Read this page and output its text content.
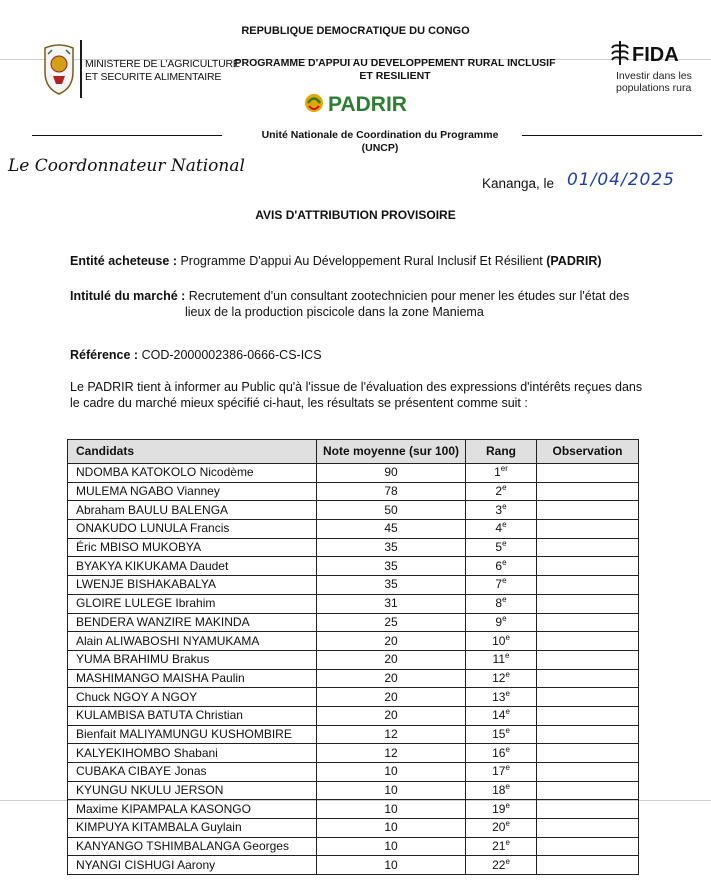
REPUBLIQUE DEMOCRATIQUE DU CONGO
MINISTERE DE L'AGRICULTURE
ET SECURITE ALIMENTAIRE
PROGRAMME D'APPUI AU DEVELOPPEMENT RURAL INCLUSIF
ET RESILIENT
PADRIR
FIDA
Investir dans les
populations rura
Unité Nationale de Coordination du Programme
(UNCP)
Le Coordonnateur National
Kananga, le 01/04/2025
AVIS D'ATTRIBUTION PROVISOIRE
Entité acheteuse : Programme D'appui Au Développement Rural Inclusif Et Résilient (PADRIR)
Intitulé du marché : Recrutement d'un consultant zootechnicien pour mener les études sur l'état des
lieux de la production piscicole dans la zone Maniema
Référence : COD-2000002386-0666-CS-ICS
Le PADRIR tient à informer au Public qu'à l'issue de l'évaluation des expressions d'intérêts reçues dans
le cadre du marché mieux spécifié ci-haut, les résultats se présentent comme suit :
Candidats	Note moyenne (sur 100)	Rang	Observation
NDOMBA KATOKOLO Nicodème	90	1er	
MULEMA NGABO Vianney	78	2e	
Abraham BAULU BALENGA	50	3e	
ONAKUDO LUNULA Francis	45	4e	
Éric MBISO MUKOBYA	35	5e	
BYAKYA KIKUKAMA Daudet	35	6e	
LWENJE BISHAKABALYA	35	7e	
GLOIRE LULEGE Ibrahim	31	8e	
BENDERA WANZIRE MAKINDA	25	9e	
Alain ALIWABOSHI NYAMUKAMA	20	10e	
YUMA BRAHIMU Brakus	20	11e	
MASHIMANGO MAISHA Paulin	20	12e	
Chuck NGOY A NGOY	20	13e	
KULAMBISA BATUTA Christian	20	14e	
Bienfait MALIYAMUNGU KUSHOMBIRE	12	15e	
KALYEKIHOMBO Shabani	12	16e	
CUBAKA CIBAYE Jonas	10	17e	
KYUNGU NKULU JERSON	10	18e	
Maxime KIPAMPALA KASONGO	10	19e	
KIMPUYA KITAMBALA Guylain	10	20e	
KANYANGO TSHIMBALANGA Georges	10	21e	
NYANGI CISHUGI Aarony	10	22e	
